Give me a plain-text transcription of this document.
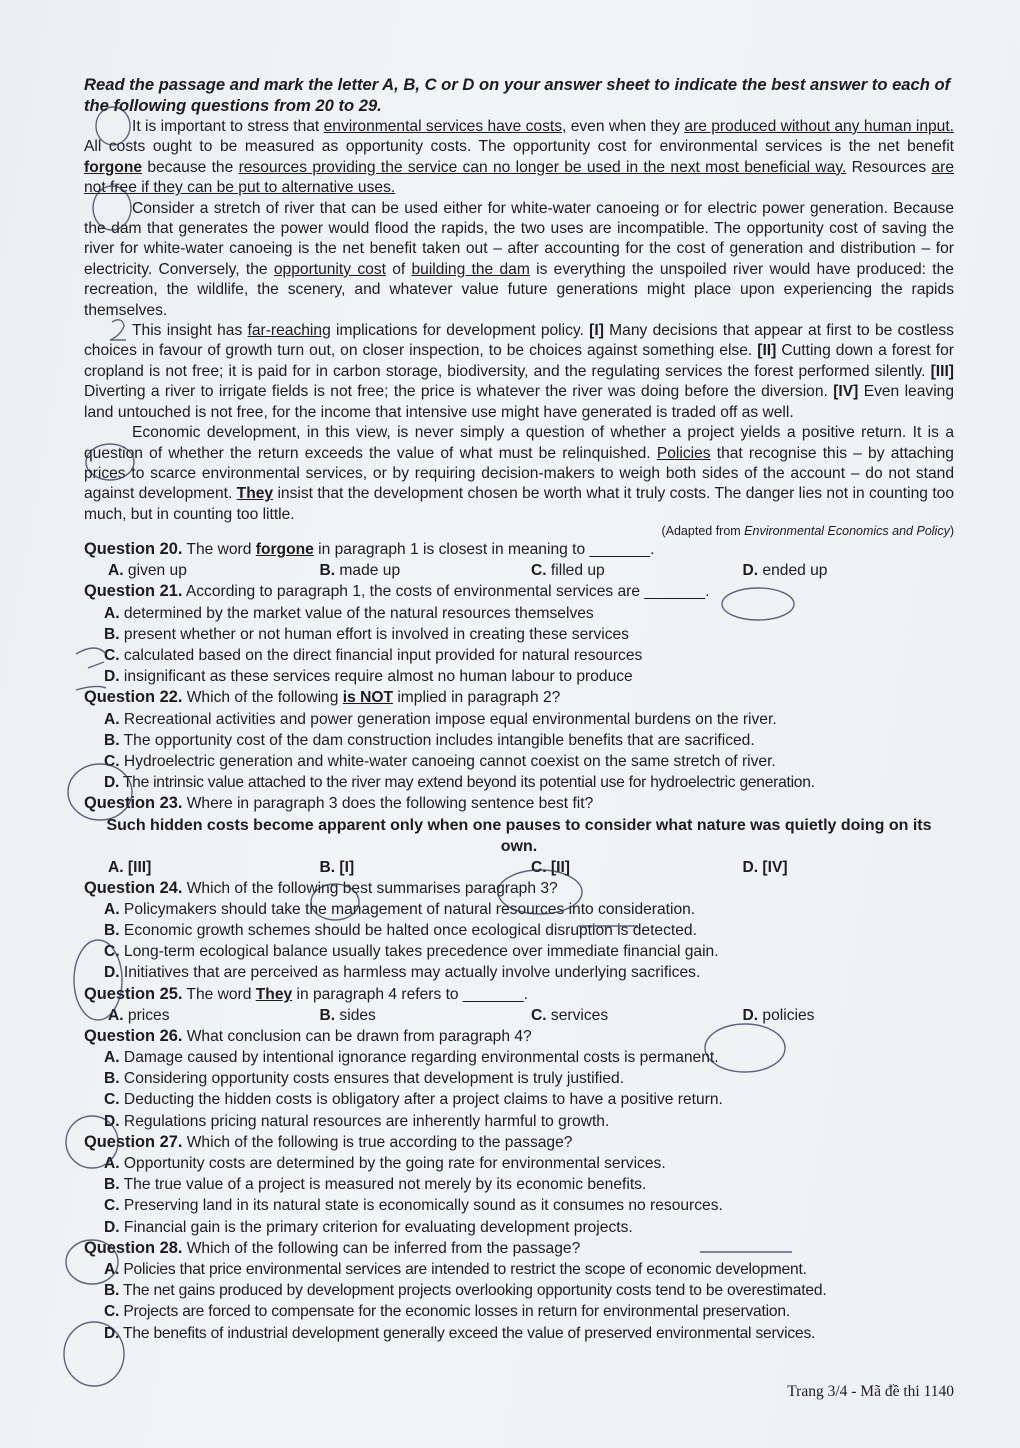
Read the passage and mark the letter A, B, C or D on your answer sheet to indicate the best answer to each of the following questions from 20 to 29.

It is important to stress that environmental services have costs, even when they are produced without any human input. All costs ought to be measured as opportunity costs. The opportunity cost for environmental services is the net benefit forgone because the resources providing the service can no longer be used in the next most beneficial way. Resources are not free if they can be put to alternative uses.

Consider a stretch of river that can be used either for white-water canoeing or for electric power generation. Because the dam that generates the power would flood the rapids, the two uses are incompatible. The opportunity cost of saving the river for white-water canoeing is the net benefit taken out – after accounting for the cost of generation and distribution – for electricity. Conversely, the opportunity cost of building the dam is everything the unspoiled river would have produced: the recreation, the wildlife, the scenery, and whatever value future generations might place upon experiencing the rapids themselves.

This insight has far-reaching implications for development policy. [I] Many decisions that appear at first to be costless choices in favour of growth turn out, on closer inspection, to be choices against something else. [II] Cutting down a forest for cropland is not free; it is paid for in carbon storage, biodiversity, and the regulating services the forest performed silently. [III] Diverting a river to irrigate fields is not free; the price is whatever the river was doing before the diversion. [IV] Even leaving land untouched is not free, for the income that intensive use might have generated is traded off as well.

Economic development, in this view, is never simply a question of whether a project yields a positive return. It is a question of whether the return exceeds the value of what must be relinquished. Policies that recognise this – by attaching prices to scarce environmental services, or by requiring decision-makers to weigh both sides of the account – do not stand against development. They insist that the development chosen be worth what it truly costs. The danger lies not in counting too much, but in counting too little.

(Adapted from Environmental Economics and Policy)
Question 20. The word forgone in paragraph 1 is closest in meaning to _______.
A. given up	B. made up	C. filled up	D. ended up
Question 21. According to paragraph 1, the costs of environmental services are _______.
A. determined by the market value of the natural resources themselves
B. present whether or not human effort is involved in creating these services
C. calculated based on the direct financial input provided for natural resources
D. insignificant as these services require almost no human labour to produce
Question 22. Which of the following is NOT implied in paragraph 2?
A. Recreational activities and power generation impose equal environmental burdens on the river.
B. The opportunity cost of the dam construction includes intangible benefits that are sacrificed.
C. Hydroelectric generation and white-water canoeing cannot coexist on the same stretch of river.
D. The intrinsic value attached to the river may extend beyond its potential use for hydroelectric generation.
Question 23. Where in paragraph 3 does the following sentence best fit?
Such hidden costs become apparent only when one pauses to consider what nature was quietly doing on its own.
A. [III]	B. [I]	C. [II]	D. [IV]
Question 24. Which of the following best summarises paragraph 3?
A. Policymakers should take the management of natural resources into consideration.
B. Economic growth schemes should be halted once ecological disruption is detected.
C. Long-term ecological balance usually takes precedence over immediate financial gain.
D. Initiatives that are perceived as harmless may actually involve underlying sacrifices.
Question 25. The word They in paragraph 4 refers to _______.
A. prices	B. sides	C. services	D. policies
Question 26. What conclusion can be drawn from paragraph 4?
A. Damage caused by intentional ignorance regarding environmental costs is permanent.
B. Considering opportunity costs ensures that development is truly justified.
C. Deducting the hidden costs is obligatory after a project claims to have a positive return.
D. Regulations pricing natural resources are inherently harmful to growth.
Question 27. Which of the following is true according to the passage?
A. Opportunity costs are determined by the going rate for environmental services.
B. The true value of a project is measured not merely by its economic benefits.
C. Preserving land in its natural state is economically sound as it consumes no resources.
D. Financial gain is the primary criterion for evaluating development projects.
Question 28. Which of the following can be inferred from the passage?
A. Policies that price environmental services are intended to restrict the scope of economic development.
B. The net gains produced by development projects overlooking opportunity costs tend to be overestimated.
C. Projects are forced to compensate for the economic losses in return for environmental preservation.
D. The benefits of industrial development generally exceed the value of preserved environmental services.
Trang 3/4 - Mã đề thi 1140
